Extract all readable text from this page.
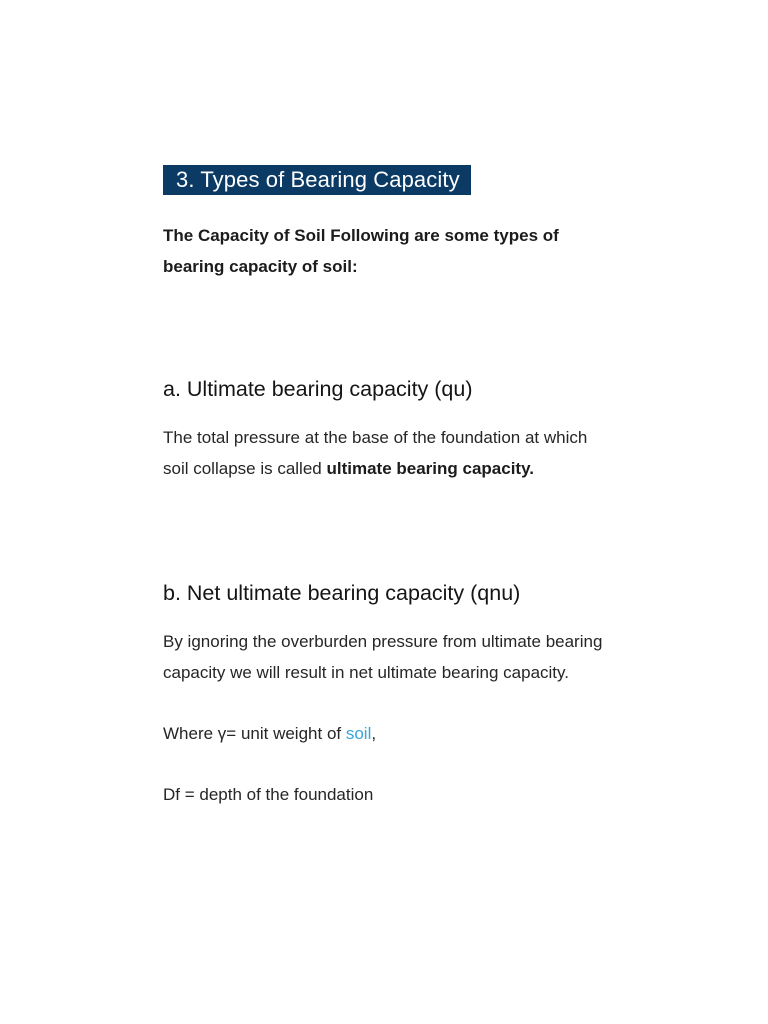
3. Types of Bearing Capacity

The Capacity of Soil Following are some types of bearing capacity of soil:

a. Ultimate bearing capacity (qu)

The total pressure at the base of the foundation at which soil collapse is called ultimate bearing capacity.

b. Net ultimate bearing capacity (qnu)

By ignoring the overburden pressure from ultimate bearing capacity we will result in net ultimate bearing capacity.

Where γ= unit weight of soil,

Df = depth of the foundation
